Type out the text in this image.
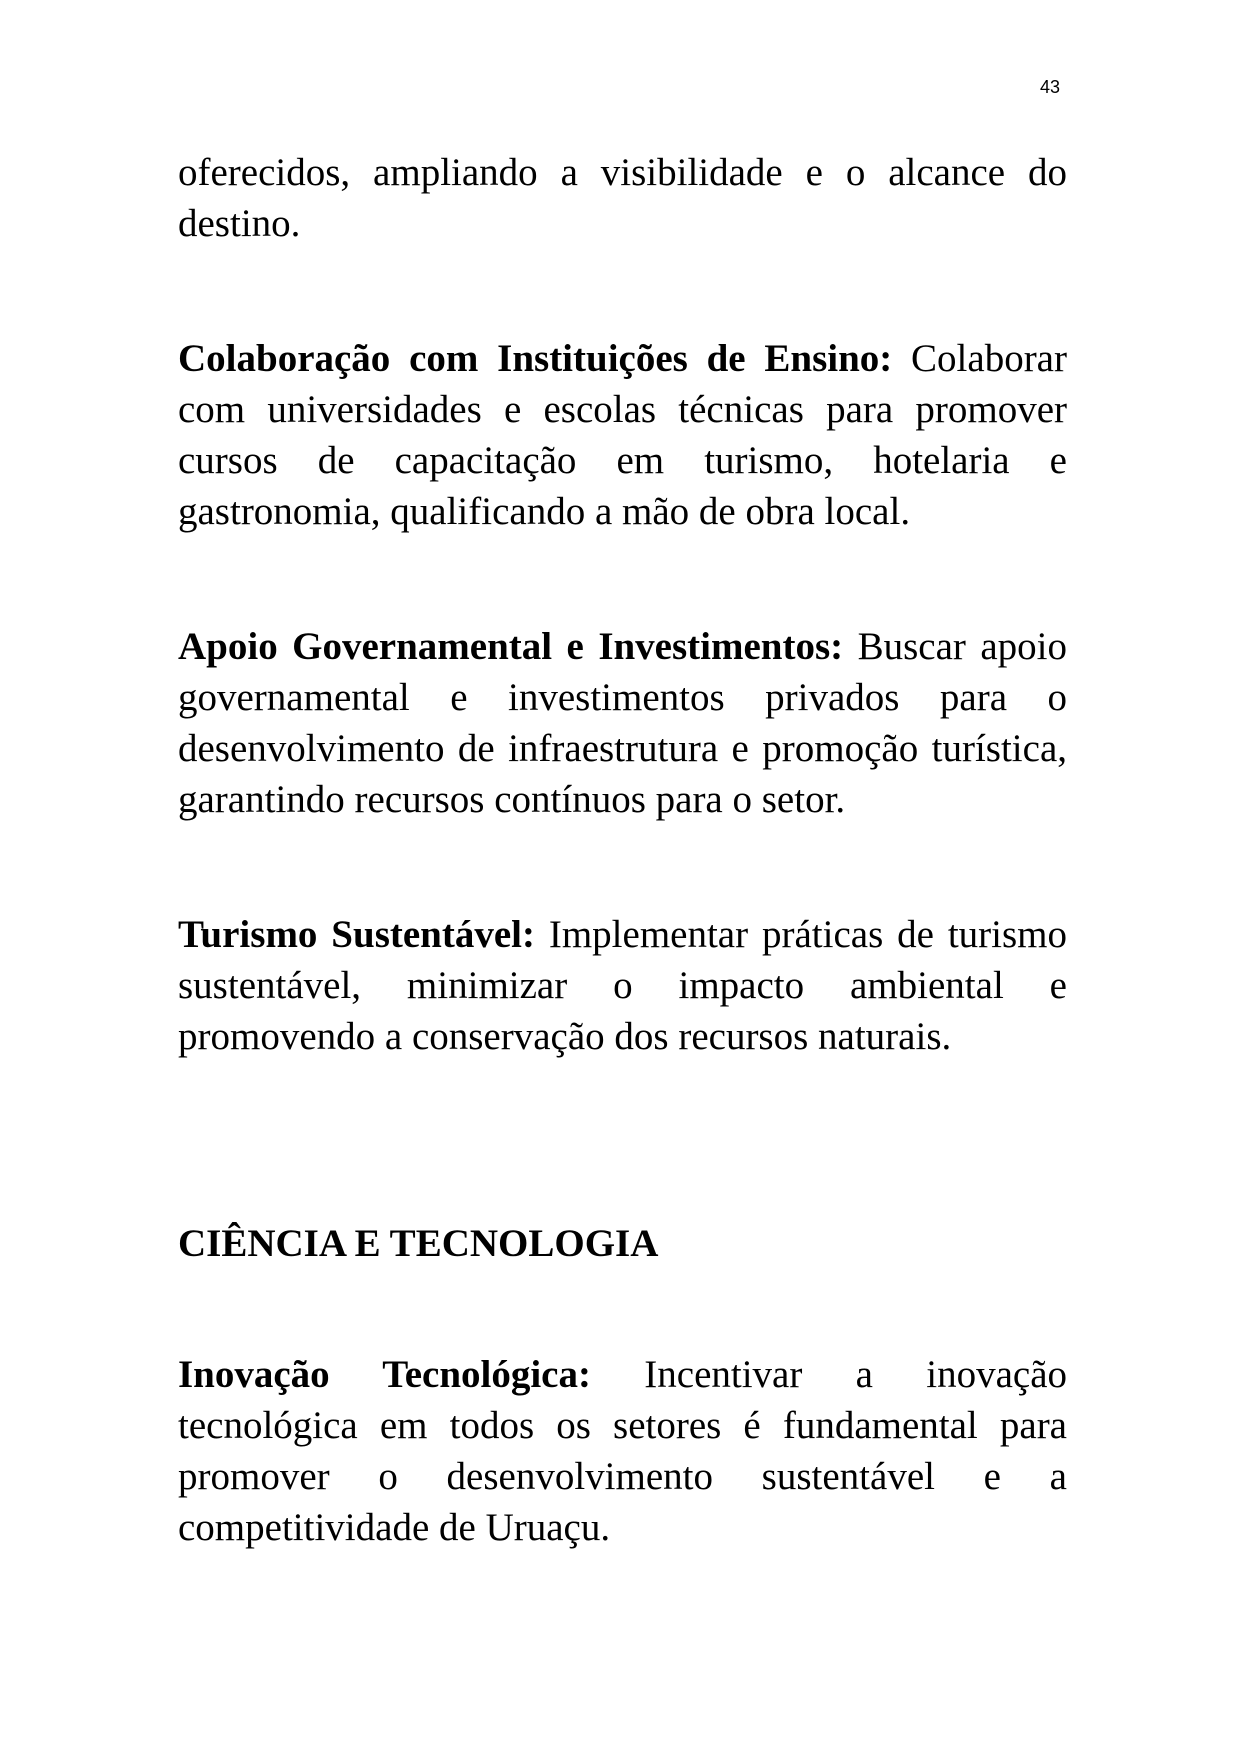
43

oferecidos, ampliando a visibilidade e o alcance do destino.

Colaboração com Instituições de Ensino: Colaborar com universidades e escolas técnicas para promover cursos de capacitação em turismo, hotelaria e gastronomia, qualificando a mão de obra local.

Apoio Governamental e Investimentos: Buscar apoio governamental e investimentos privados para o desenvolvimento de infraestrutura e promoção turística, garantindo recursos contínuos para o setor.

Turismo Sustentável: Implementar práticas de turismo sustentável, minimizar o impacto ambiental e promovendo a conservação dos recursos naturais.

CIÊNCIA E TECNOLOGIA

Inovação Tecnológica: Incentivar a inovação tecnológica em todos os setores é fundamental para promover o desenvolvimento sustentável e a competitividade de Uruaçu.
